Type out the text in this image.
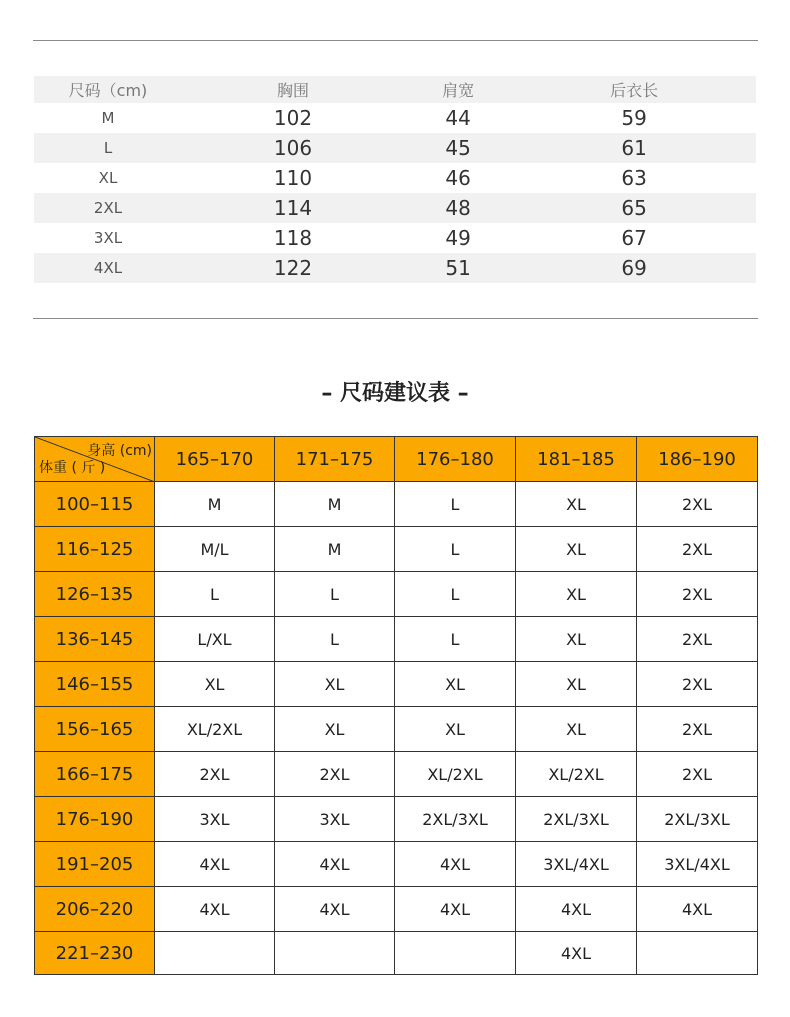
尺码（cm)	胸围	肩宽	后衣长
M	102	44	59
L	106	45	61
XL	110	46	63
2XL	114	48	65
3XL	118	49	67
4XL	122	51	69
– 尺码建议表 –
身高 (cm)
体重 ( 斤 )	165–170	171–175	176–180	181–185	186–190
100–115	M	M	L	XL	2XL
116–125	M/L	M	L	XL	2XL
126–135	L	L	L	XL	2XL
136–145	L/XL	L	L	XL	2XL
146–155	XL	XL	XL	XL	2XL
156–165	XL/2XL	XL	XL	XL	2XL
166–175	2XL	2XL	XL/2XL	XL/2XL	2XL
176–190	3XL	3XL	2XL/3XL	2XL/3XL	2XL/3XL
191–205	4XL	4XL	4XL	3XL/4XL	3XL/4XL
206–220	4XL	4XL	4XL	4XL	4XL
221–230				4XL	
